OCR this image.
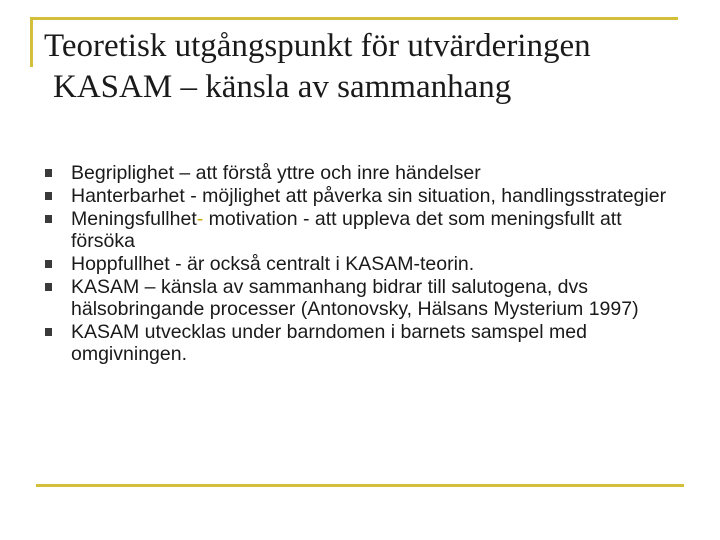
Teoretisk utgångspunkt för utvärderingen
KASAM – känsla av sammanhang
Begriplighet – att förstå yttre och inre händelser
Hanterbarhet - möjlighet att påverka sin situation, handlingsstrategier
Meningsfullhet- motivation - att uppleva det som meningsfullt att försöka
Hoppfullhet - är också centralt i KASAM-teorin.
KASAM – känsla av sammanhang bidrar till salutogena, dvs hälsobringande processer (Antonovsky, Hälsans Mysterium 1997)
KASAM utvecklas under barndomen i barnets samspel med omgivningen.
